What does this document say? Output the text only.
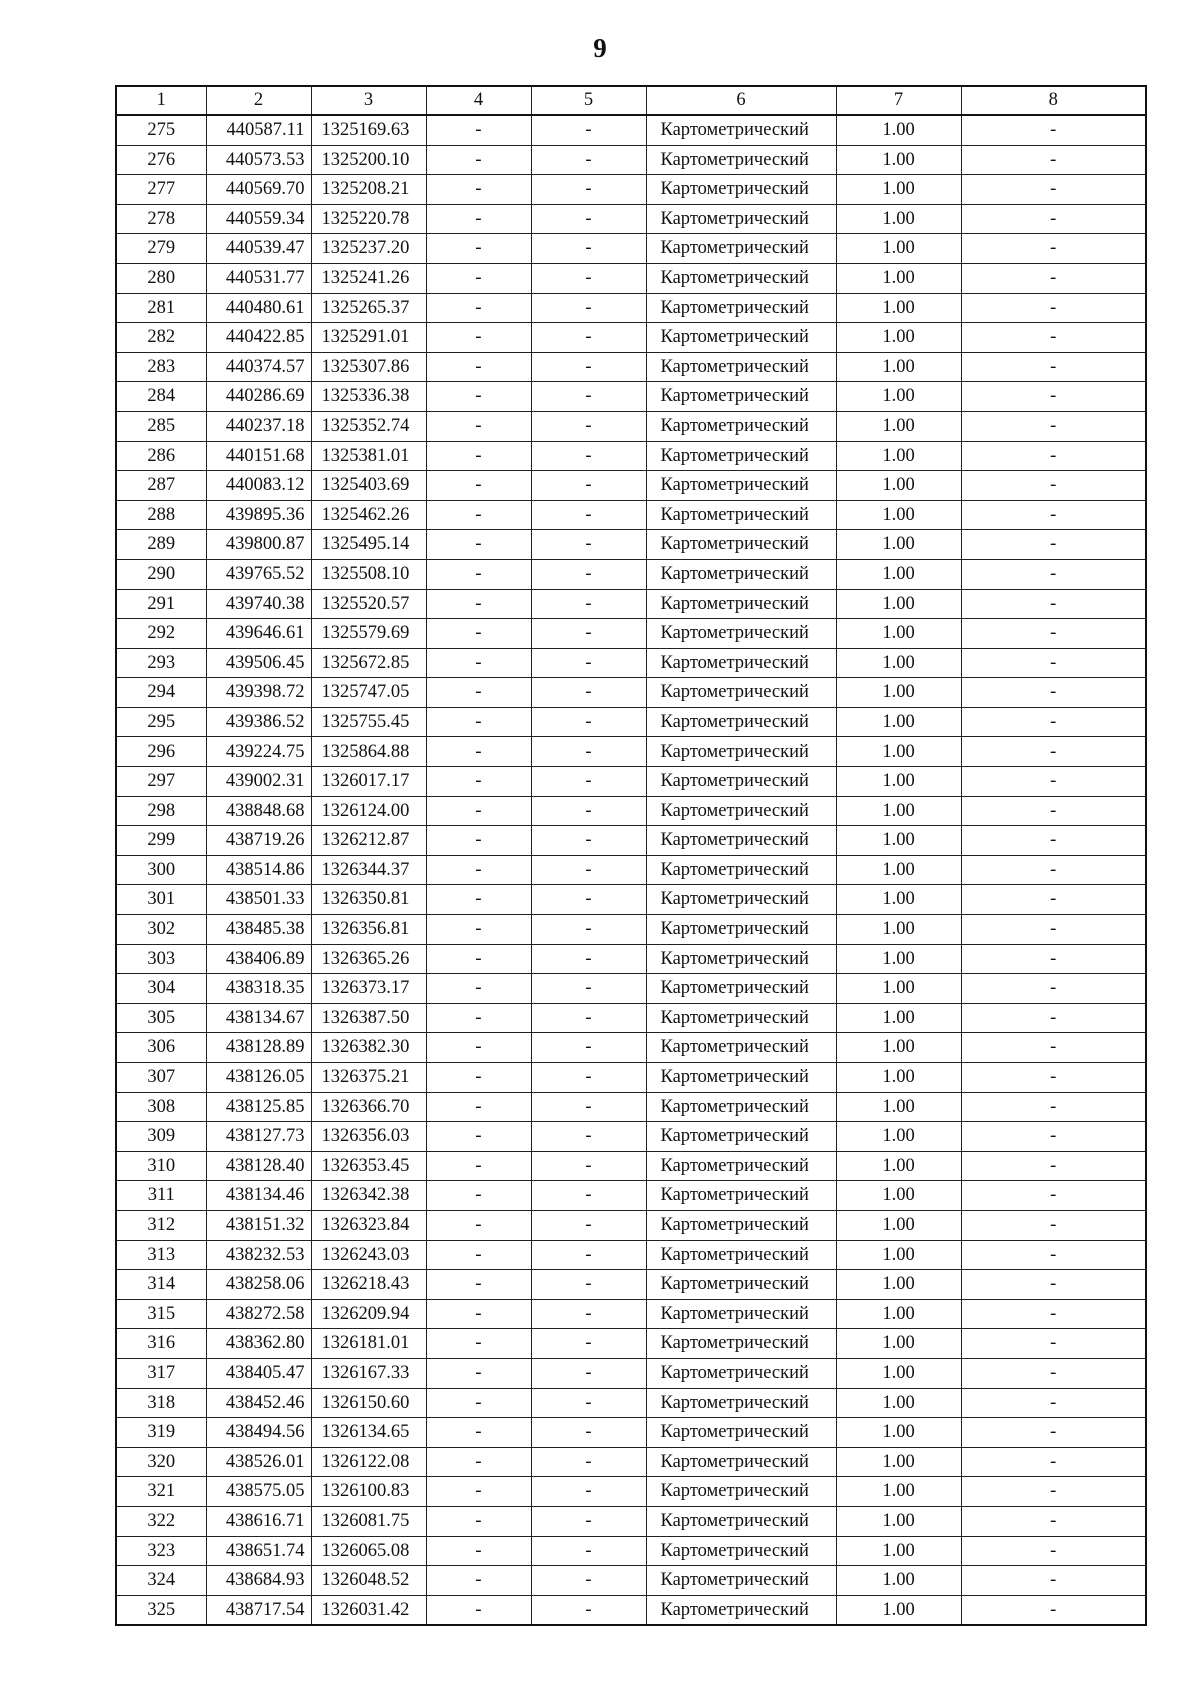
9
1	2	3	4	5	6	7	8
275	440587.11	1325169.63	-	-	Картометрический	1.00	-
276	440573.53	1325200.10	-	-	Картометрический	1.00	-
277	440569.70	1325208.21	-	-	Картометрический	1.00	-
278	440559.34	1325220.78	-	-	Картометрический	1.00	-
279	440539.47	1325237.20	-	-	Картометрический	1.00	-
280	440531.77	1325241.26	-	-	Картометрический	1.00	-
281	440480.61	1325265.37	-	-	Картометрический	1.00	-
282	440422.85	1325291.01	-	-	Картометрический	1.00	-
283	440374.57	1325307.86	-	-	Картометрический	1.00	-
284	440286.69	1325336.38	-	-	Картометрический	1.00	-
285	440237.18	1325352.74	-	-	Картометрический	1.00	-
286	440151.68	1325381.01	-	-	Картометрический	1.00	-
287	440083.12	1325403.69	-	-	Картометрический	1.00	-
288	439895.36	1325462.26	-	-	Картометрический	1.00	-
289	439800.87	1325495.14	-	-	Картометрический	1.00	-
290	439765.52	1325508.10	-	-	Картометрический	1.00	-
291	439740.38	1325520.57	-	-	Картометрический	1.00	-
292	439646.61	1325579.69	-	-	Картометрический	1.00	-
293	439506.45	1325672.85	-	-	Картометрический	1.00	-
294	439398.72	1325747.05	-	-	Картометрический	1.00	-
295	439386.52	1325755.45	-	-	Картометрический	1.00	-
296	439224.75	1325864.88	-	-	Картометрический	1.00	-
297	439002.31	1326017.17	-	-	Картометрический	1.00	-
298	438848.68	1326124.00	-	-	Картометрический	1.00	-
299	438719.26	1326212.87	-	-	Картометрический	1.00	-
300	438514.86	1326344.37	-	-	Картометрический	1.00	-
301	438501.33	1326350.81	-	-	Картометрический	1.00	-
302	438485.38	1326356.81	-	-	Картометрический	1.00	-
303	438406.89	1326365.26	-	-	Картометрический	1.00	-
304	438318.35	1326373.17	-	-	Картометрический	1.00	-
305	438134.67	1326387.50	-	-	Картометрический	1.00	-
306	438128.89	1326382.30	-	-	Картометрический	1.00	-
307	438126.05	1326375.21	-	-	Картометрический	1.00	-
308	438125.85	1326366.70	-	-	Картометрический	1.00	-
309	438127.73	1326356.03	-	-	Картометрический	1.00	-
310	438128.40	1326353.45	-	-	Картометрический	1.00	-
311	438134.46	1326342.38	-	-	Картометрический	1.00	-
312	438151.32	1326323.84	-	-	Картометрический	1.00	-
313	438232.53	1326243.03	-	-	Картометрический	1.00	-
314	438258.06	1326218.43	-	-	Картометрический	1.00	-
315	438272.58	1326209.94	-	-	Картометрический	1.00	-
316	438362.80	1326181.01	-	-	Картометрический	1.00	-
317	438405.47	1326167.33	-	-	Картометрический	1.00	-
318	438452.46	1326150.60	-	-	Картометрический	1.00	-
319	438494.56	1326134.65	-	-	Картометрический	1.00	-
320	438526.01	1326122.08	-	-	Картометрический	1.00	-
321	438575.05	1326100.83	-	-	Картометрический	1.00	-
322	438616.71	1326081.75	-	-	Картометрический	1.00	-
323	438651.74	1326065.08	-	-	Картометрический	1.00	-
324	438684.93	1326048.52	-	-	Картометрический	1.00	-
325	438717.54	1326031.42	-	-	Картометрический	1.00	-
